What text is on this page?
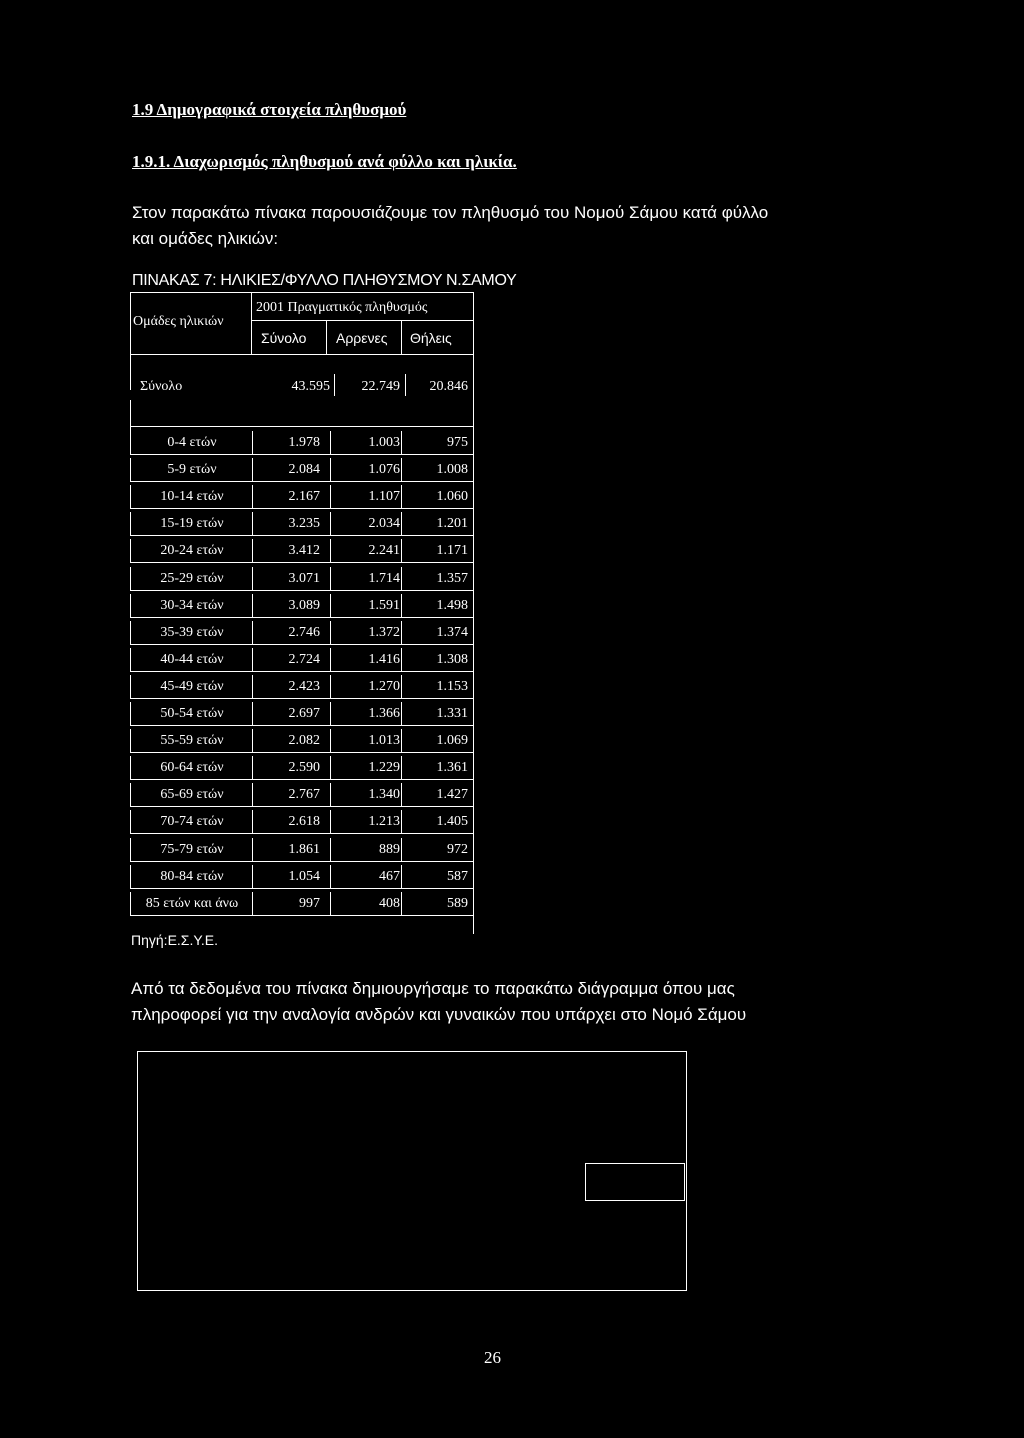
1.9 Δημογραφικά στοιχεία πληθυσμού
1.9.1. Διαχωρισμός πληθυσμού ανά φύλλο και ηλικία.
Στον παρακάτω πίνακα παρουσιάζουμε τον πληθυσμό του Νομού Σάμου κατά φύλλο
και ομάδες ηλικιών:
ΠΙΝΑΚΑΣ 7: ΗΛΙΚΙΕΣ/ΦΥΛΛΟ ΠΛΗΘΥΣΜΟΥ Ν.ΣΑΜΟΥ
Ομάδες ηλικιών
2001 Πραγματικός πληθυσμός
Σύνολο Αρρενες Θήλεις
Σύνολο	43.595	22.749	20.846
0-4 ετών	1.978	1.003	975
5-9 ετών	2.084	1.076	1.008
10-14 ετών	2.167	1.107	1.060
15-19 ετών	3.235	2.034	1.201
20-24 ετών	3.412	2.241	1.171
25-29 ετών	3.071	1.714	1.357
30-34 ετών	3.089	1.591	1.498
35-39 ετών	2.746	1.372	1.374
40-44 ετών	2.724	1.416	1.308
45-49 ετών	2.423	1.270	1.153
50-54 ετών	2.697	1.366	1.331
55-59 ετών	2.082	1.013	1.069
60-64 ετών	2.590	1.229	1.361
65-69 ετών	2.767	1.340	1.427
70-74 ετών	2.618	1.213	1.405
75-79 ετών	1.861	889	972
80-84 ετών	1.054	467	587
85 ετών και άνω	997	408	589
Πηγή:Ε.Σ.Υ.Ε.
Από τα δεδομένα του πίνακα δημιουργήσαμε το παρακάτω διάγραμμα όπου μας
πληροφορεί για την αναλογία ανδρών και γυναικών που υπάρχει στο Νομό Σάμου
26
